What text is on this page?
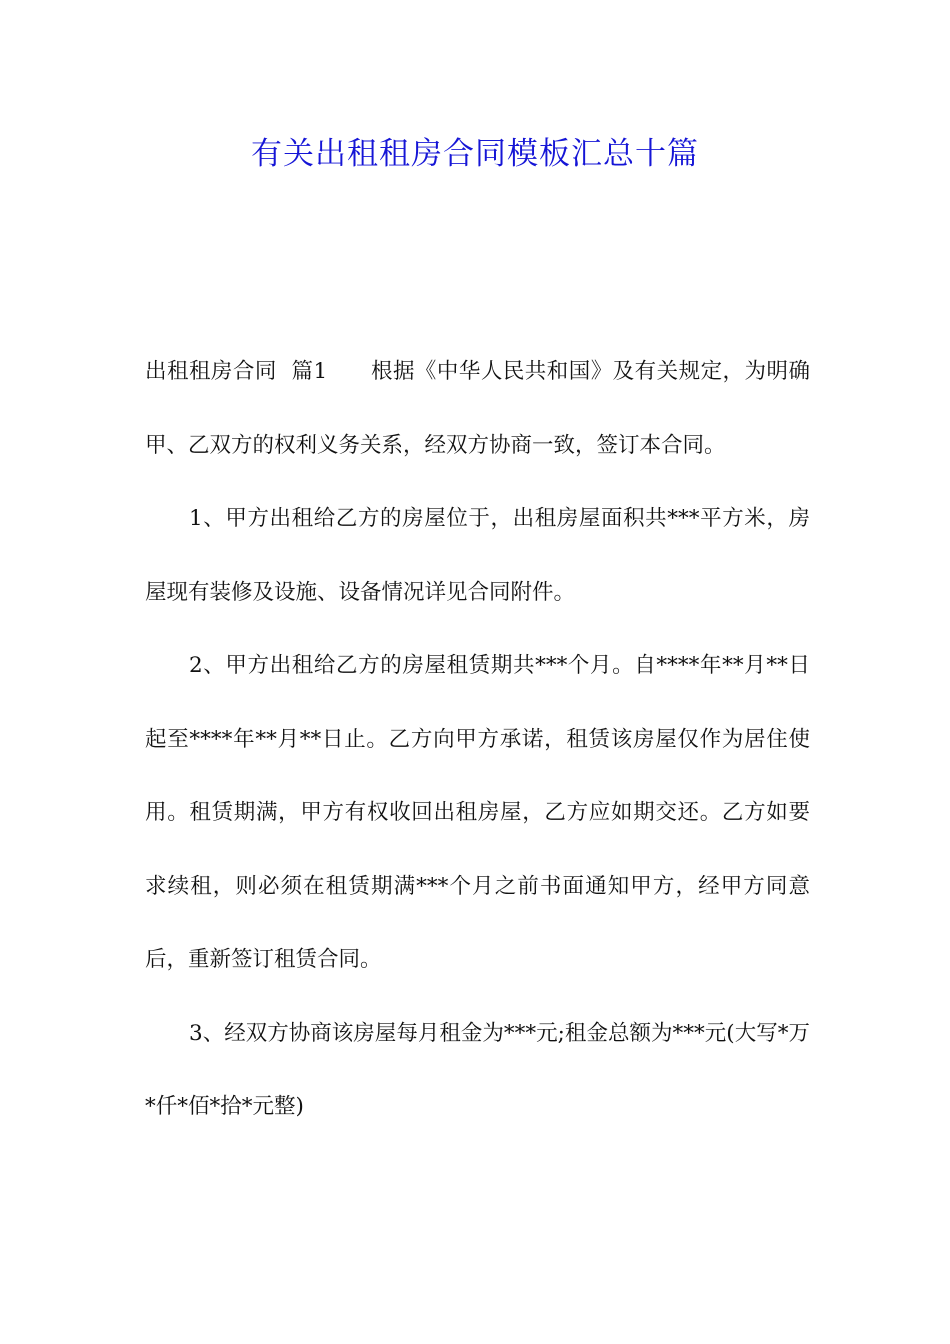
有关出租租房合同模板汇总十篇

出租租房合同  篇1      根据《中华人民共和国》及有关规定，为明确甲、乙双方的权利义务关系，经双方协商一致，签订本合同。

1、甲方出租给乙方的房屋位于，出租房屋面积共***平方米，房屋现有装修及设施、设备情况详见合同附件。

2、甲方出租给乙方的房屋租赁期共***个月。自****年**月**日起至****年**月**日止。乙方向甲方承诺，租赁该房屋仅作为居住使用。租赁期满，甲方有权收回出租房屋，乙方应如期交还。乙方如要求续租，则必须在租赁期满***个月之前书面通知甲方，经甲方同意后，重新签订租赁合同。

3、经双方协商该房屋每月租金为***元;租金总额为***元(大写*万*仟*佰*拾*元整)
